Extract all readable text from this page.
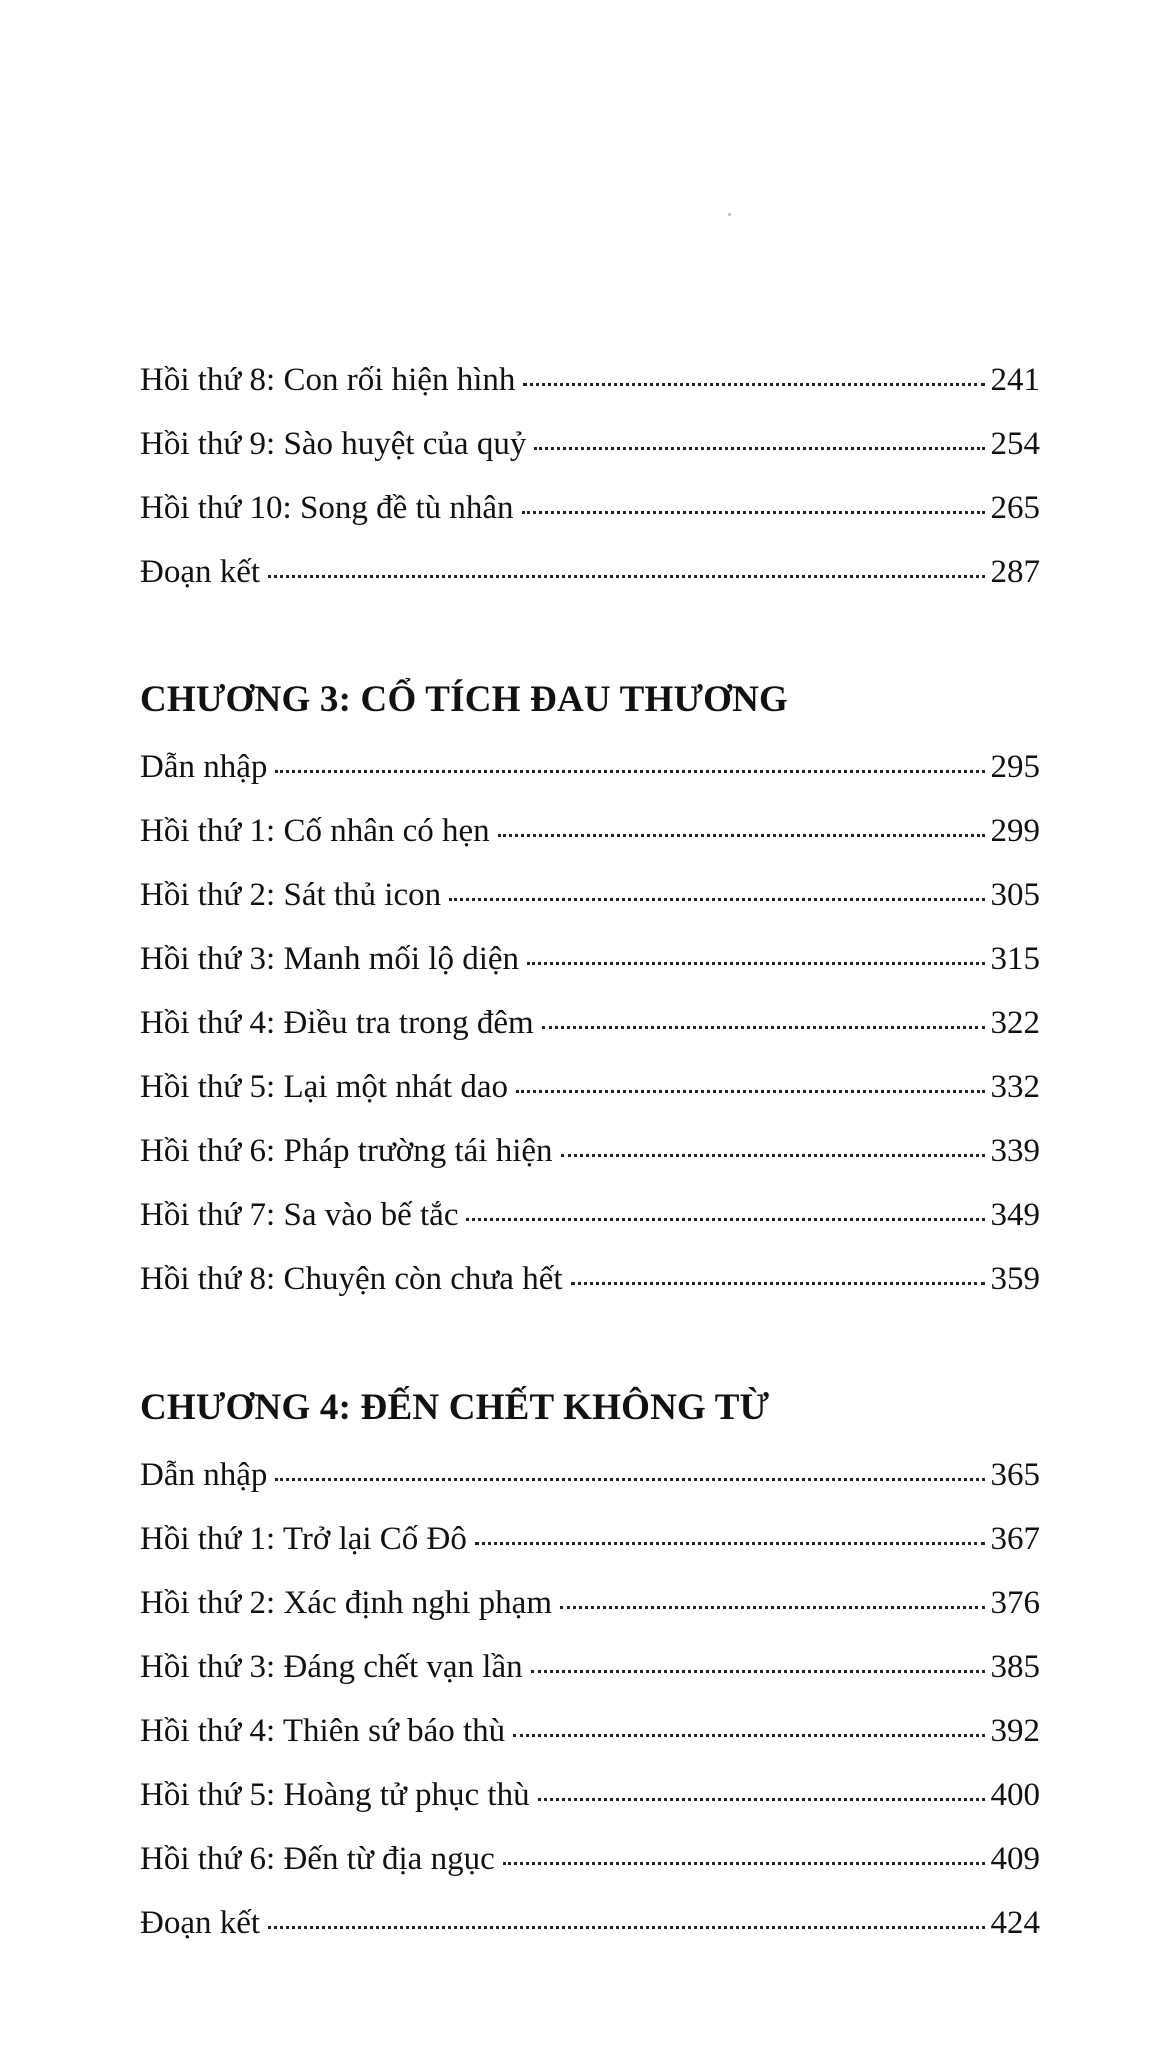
Hồi thứ 8: Con rối hiện hình	241
Hồi thứ 9: Sào huyệt của quỷ	254
Hồi thứ 10: Song đề tù nhân	265
Đoạn kết	287
CHƯƠNG 3: CỔ TÍCH ĐAU THƯƠNG
Dẫn nhập	295
Hồi thứ 1: Cố nhân có hẹn	299
Hồi thứ 2: Sát thủ icon	305
Hồi thứ 3: Manh mối lộ diện	315
Hồi thứ 4: Điều tra trong đêm	322
Hồi thứ 5: Lại một nhát dao	332
Hồi thứ 6: Pháp trường tái hiện	339
Hồi thứ 7: Sa vào bế tắc	349
Hồi thứ 8: Chuyện còn chưa hết	359
CHƯƠNG 4: ĐẾN CHẾT KHÔNG TỪ
Dẫn nhập	365
Hồi thứ 1: Trở lại Cố Đô	367
Hồi thứ 2: Xác định nghi phạm	376
Hồi thứ 3: Đáng chết vạn lần	385
Hồi thứ 4: Thiên sứ báo thù	392
Hồi thứ 5: Hoàng tử phục thù	400
Hồi thứ 6: Đến từ địa ngục	409
Đoạn kết	424
